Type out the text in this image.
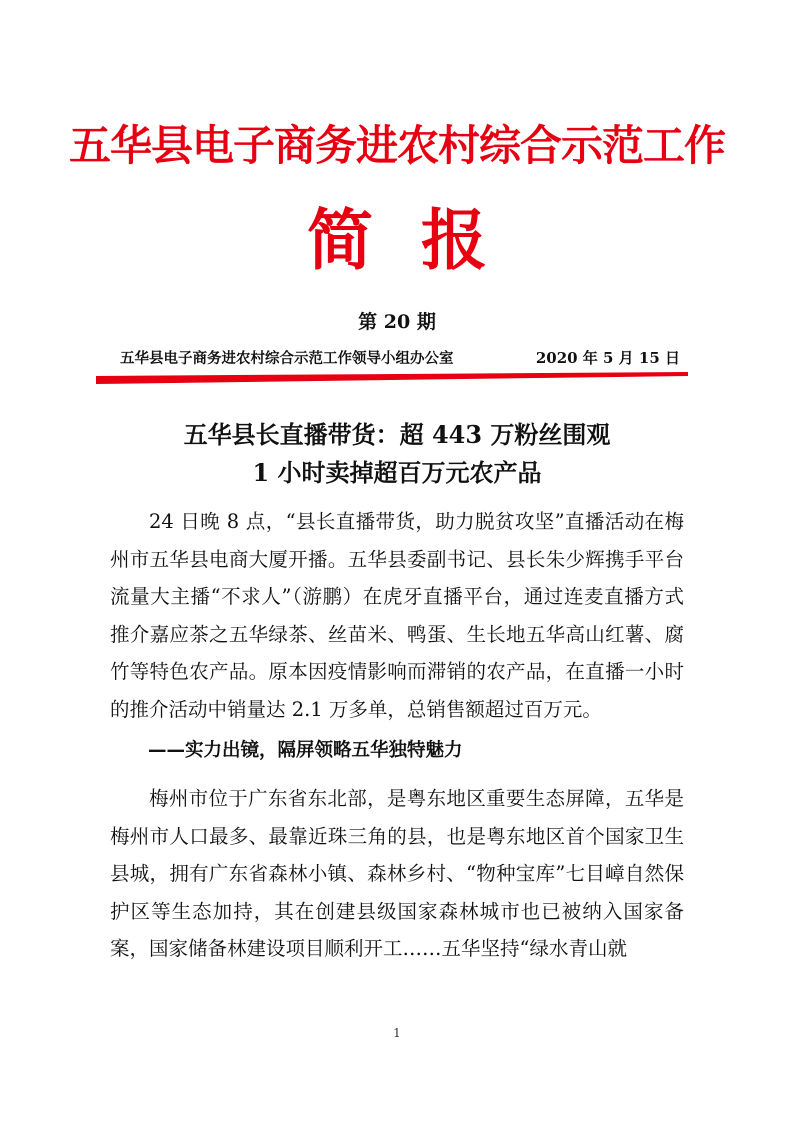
五华县电子商务进农村综合示范工作
简报
第 20 期
五华县电子商务进农村综合示范工作领导小组办公室	2020 年 5 月 15 日
五华县长直播带货：超 443 万粉丝围观
1 小时卖掉超百万元农产品
24 日晚 8 点，“县长直播带货，助力脱贫攻坚”直播活动在梅州市五华县电商大厦开播。五华县委副书记、县长朱少辉携手平台流量大主播“不求人”（游鹏）在虎牙直播平台，通过连麦直播方式推介嘉应茶之五华绿茶、丝苗米、鸭蛋、生长地五华高山红薯、腐竹等特色农产品。原本因疫情影响而滞销的农产品，在直播一小时的推介活动中销量达 2.1 万多单，总销售额超过百万元。
——实力出镜，隔屏领略五华独特魅力
梅州市位于广东省东北部，是粤东地区重要生态屏障，五华是梅州市人口最多、最靠近珠三角的县，也是粤东地区首个国家卫生县城，拥有广东省森林小镇、森林乡村、“物种宝库”七目嶂自然保护区等生态加持，其在创建县级国家森林城市也已被纳入国家备案，国家储备林建设项目顺利开工……五华坚持“绿水青山就
1
